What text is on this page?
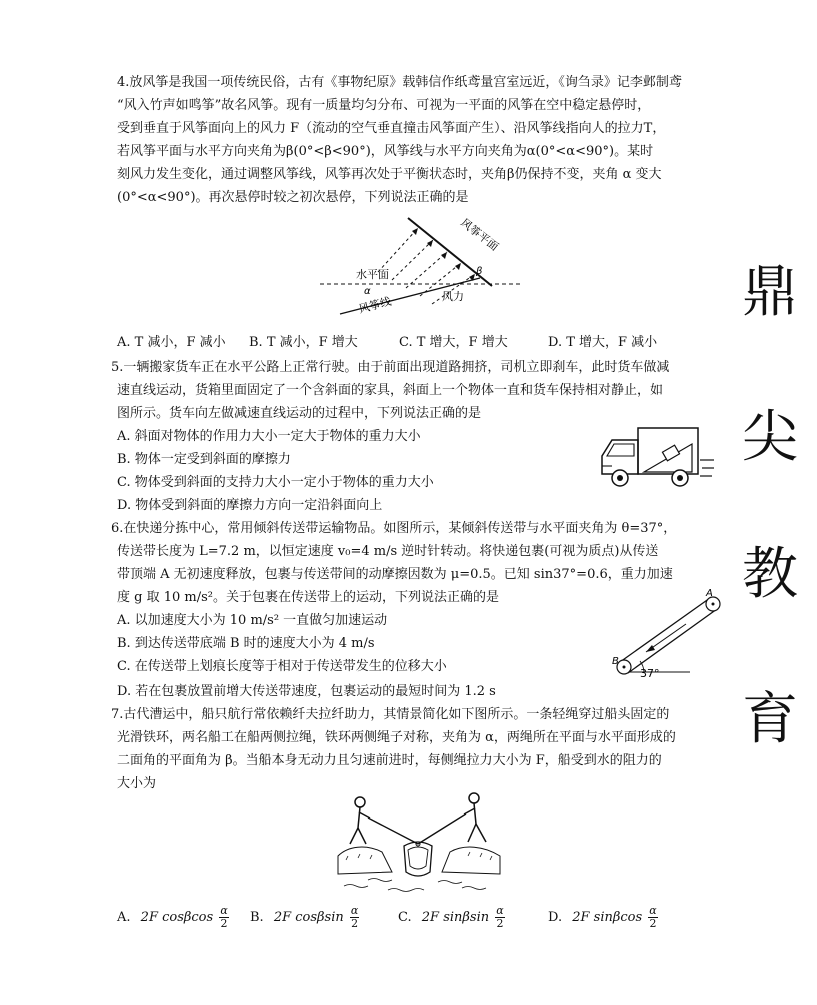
鼎
尖
教
育
4.放风筝是我国一项传统民俗，古有《事物纪原》载韩信作纸鸢量宫室远近，《询刍录》记李邺制鸢
“风入竹声如鸣筝”故名风筝。现有一质量均匀分布、可视为一平面的风筝在空中稳定悬停时，
受到垂直于风筝面向上的风力 F（流动的空气垂直撞击风筝面产生）、沿风筝线指向人的拉力T，
若风筝平面与水平方向夹角为β(0°<β<90°)，风筝线与水平方向夹角为α(0°<α<90°)。某时
刻风力发生变化，通过调整风筝线，风筝再次处于平衡状态时，夹角β仍保持不变，夹角 α 变大
(0°<α<90°)。再次悬停时较之初次悬停，下列说法正确的是
风筝平面
水平面
α
β
风筝线	风力
A. T 减小，F 减小 B. T 减小，F 增大	C. T 增大，F 增大	D. T 增大，F 减小
5.一辆搬家货车正在水平公路上正常行驶。由于前面出现道路拥挤，司机立即刹车，此时货车做减
速直线运动，货箱里面固定了一个含斜面的家具，斜面上一个物体一直和货车保持相对静止，如
图所示。货车向左做减速直线运动的过程中，下列说法正确的是
A. 斜面对物体的作用力大小一定大于物体的重力大小
B. 物体一定受到斜面的摩擦力
C. 物体受到斜面的支持力大小一定小于物体的重力大小
D. 物体受到斜面的摩擦力方向一定沿斜面向上
6.在快递分拣中心，常用倾斜传送带运输物品。如图所示，某倾斜传送带与水平面夹角为 θ=37°，
传送带长度为 L=7.2 m，以恒定速度 v₀=4 m/s 逆时针转动。将快递包裹(可视为质点)从传送
带顶端 A 无初速度释放，包裹与传送带间的动摩擦因数为 μ=0.5。已知 sin37°=0.6，重力加速
度 g 取 10 m/s²。关于包裹在传送带上的运动，下列说法正确的是
A. 以加速度大小为 10 m/s² 一直做匀加速运动
B. 到达传送带底端 B 时的速度大小为 4 m/s
C. 在传送带上划痕长度等于相对于传送带发生的位移大小
D. 若在包裹放置前增大传送带速度，包裹运动的最短时间为 1.2 s
37°
B
A
7.古代漕运中，船只航行常依赖纤夫拉纤助力，其情景简化如下图所示。一条轻绳穿过船头固定的
光滑铁环，两名船工在船两侧拉绳，铁环两侧绳子对称，夹角为 α，两绳所在平面与水平面形成的
二面角的平面角为 β。当船本身无动力且匀速前进时，每侧绳拉力大小为 F，船受到水的阻力的
大小为
A. 2F cosβcos $\frac{\alpha}{2} B$. 2F cosβsin $\frac{\alpha}{2}$	C. 2F sinβsin $\frac{\alpha}{2}$	D. 2F sinβcos $\frac{\alpha}{2}$
